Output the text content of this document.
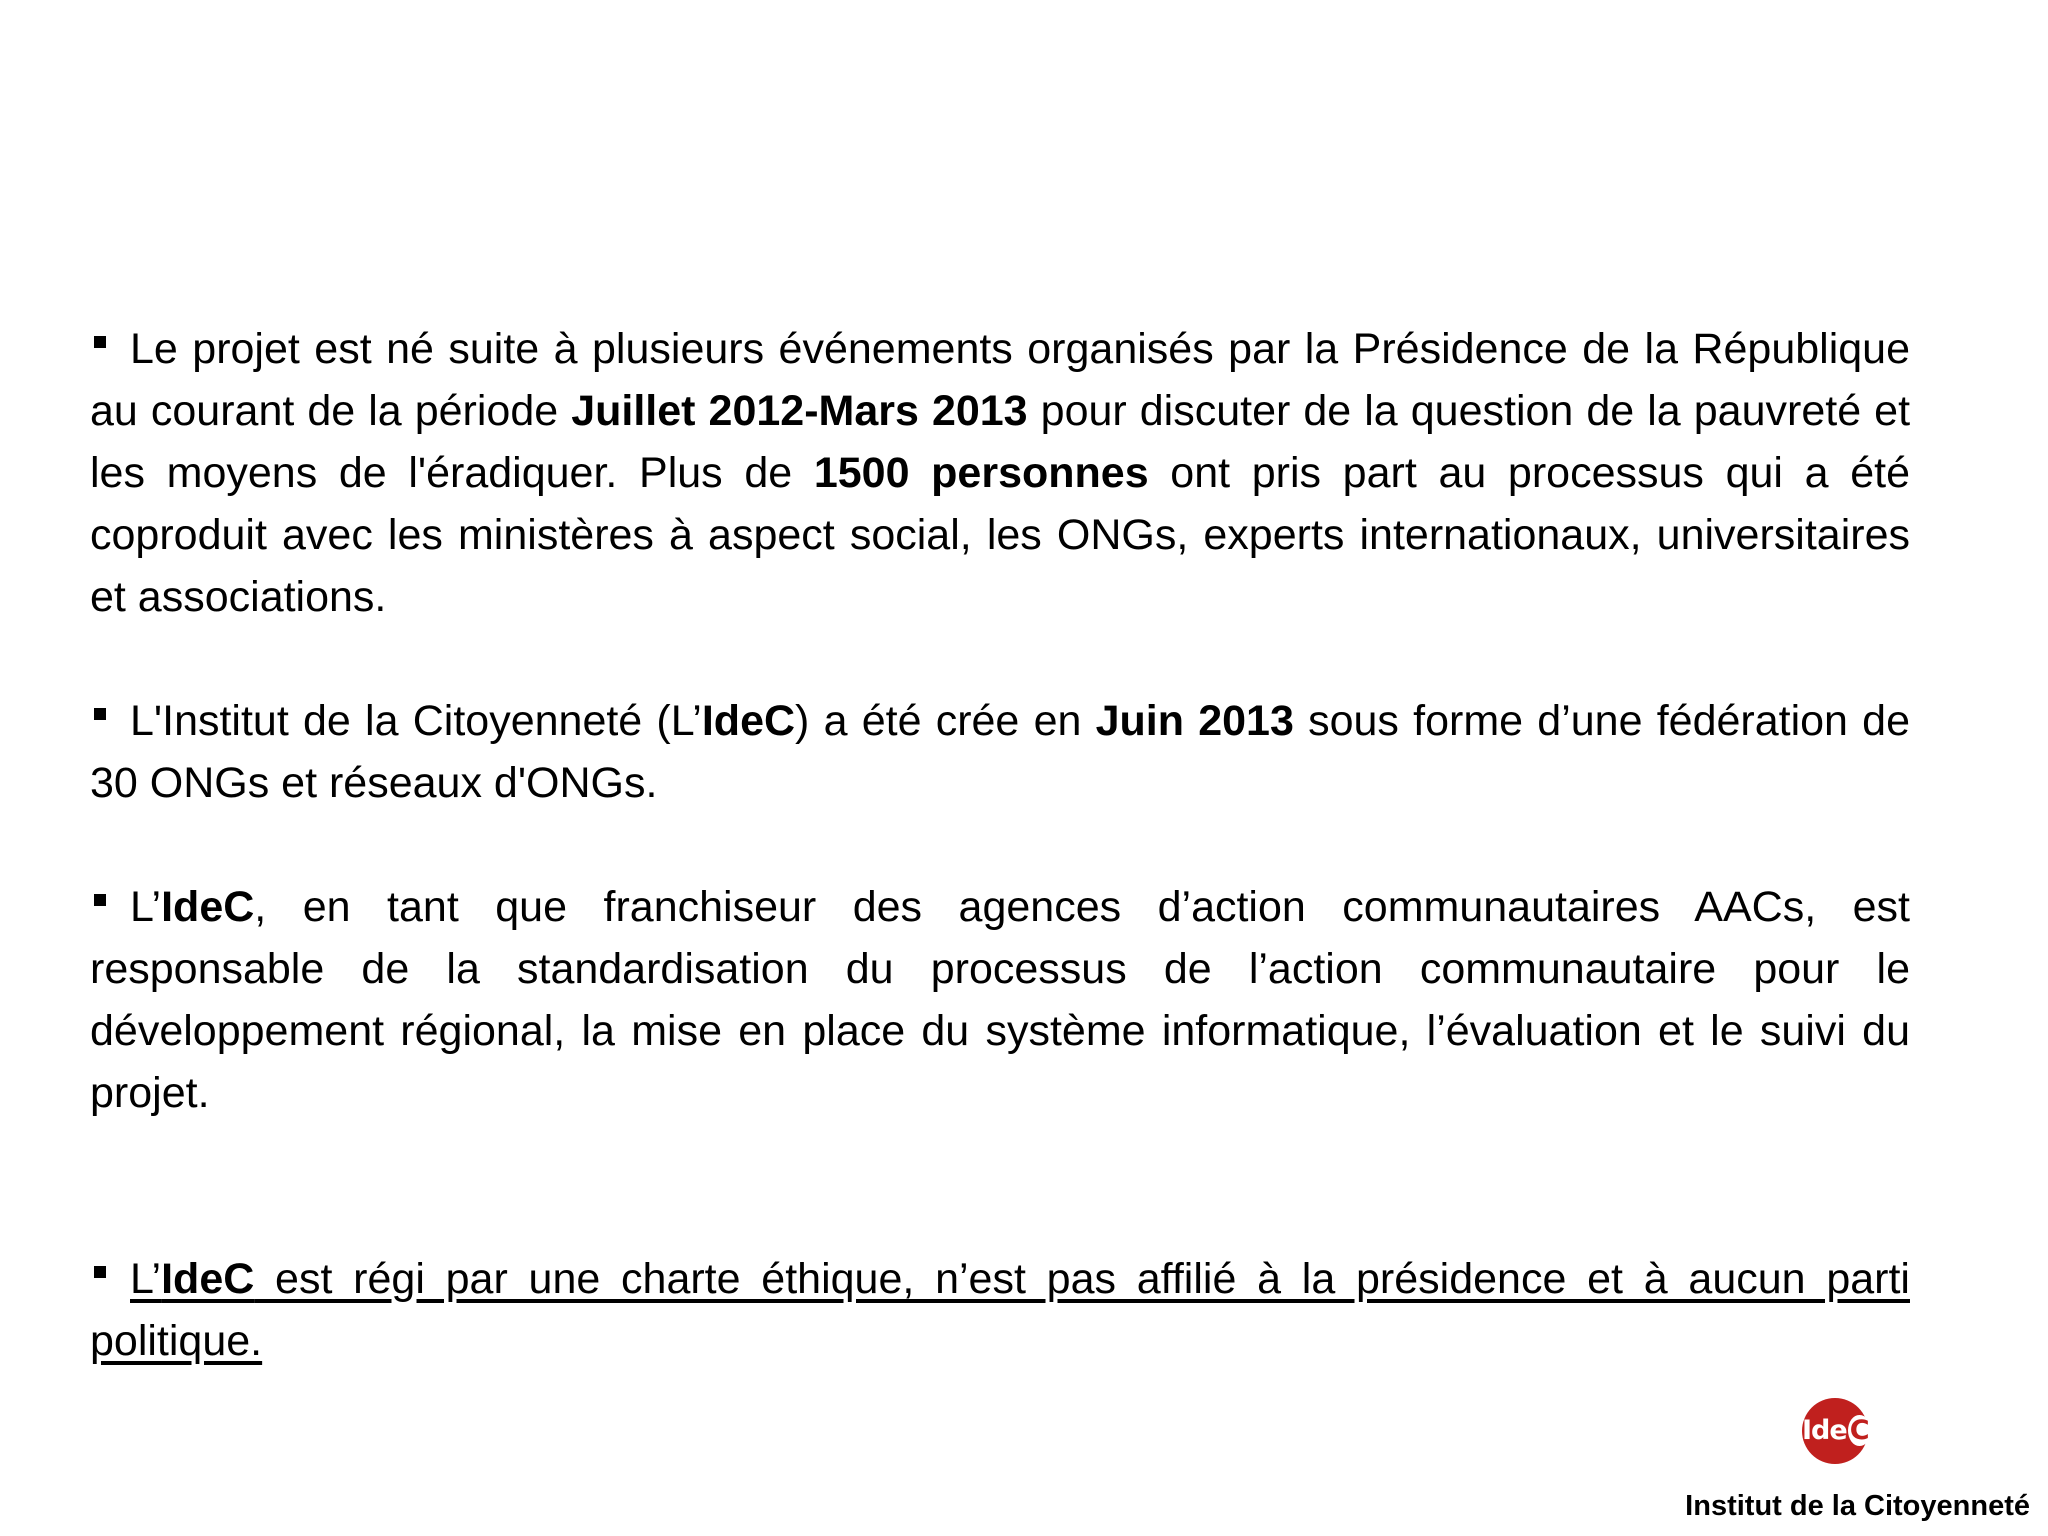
Le projet est né suite à plusieurs événements organisés par la Présidence de la République au courant de la période Juillet 2012-Mars 2013 pour discuter de la question de la pauvreté et les moyens de l'éradiquer. Plus de 1500 personnes ont pris part au processus qui a été coproduit avec les ministères à aspect social, les ONGs, experts internationaux, universitaires et associations.

L'Institut de la Citoyenneté (L’IdeC) a été crée en Juin 2013 sous forme d’une fédération de 30 ONGs et réseaux d'ONGs.

L’IdeC, en tant que franchiseur des agences d’action communautaires AACs, est responsable de la standardisation du processus de l’action communautaire pour le développement régional, la mise en place du système informatique, l’évaluation et le suivi du projet.

L’IdeC est régi par une charte éthique, n’est pas affilié à la présidence et à aucun parti politique.

Ide C
Institut de la Citoyenneté
